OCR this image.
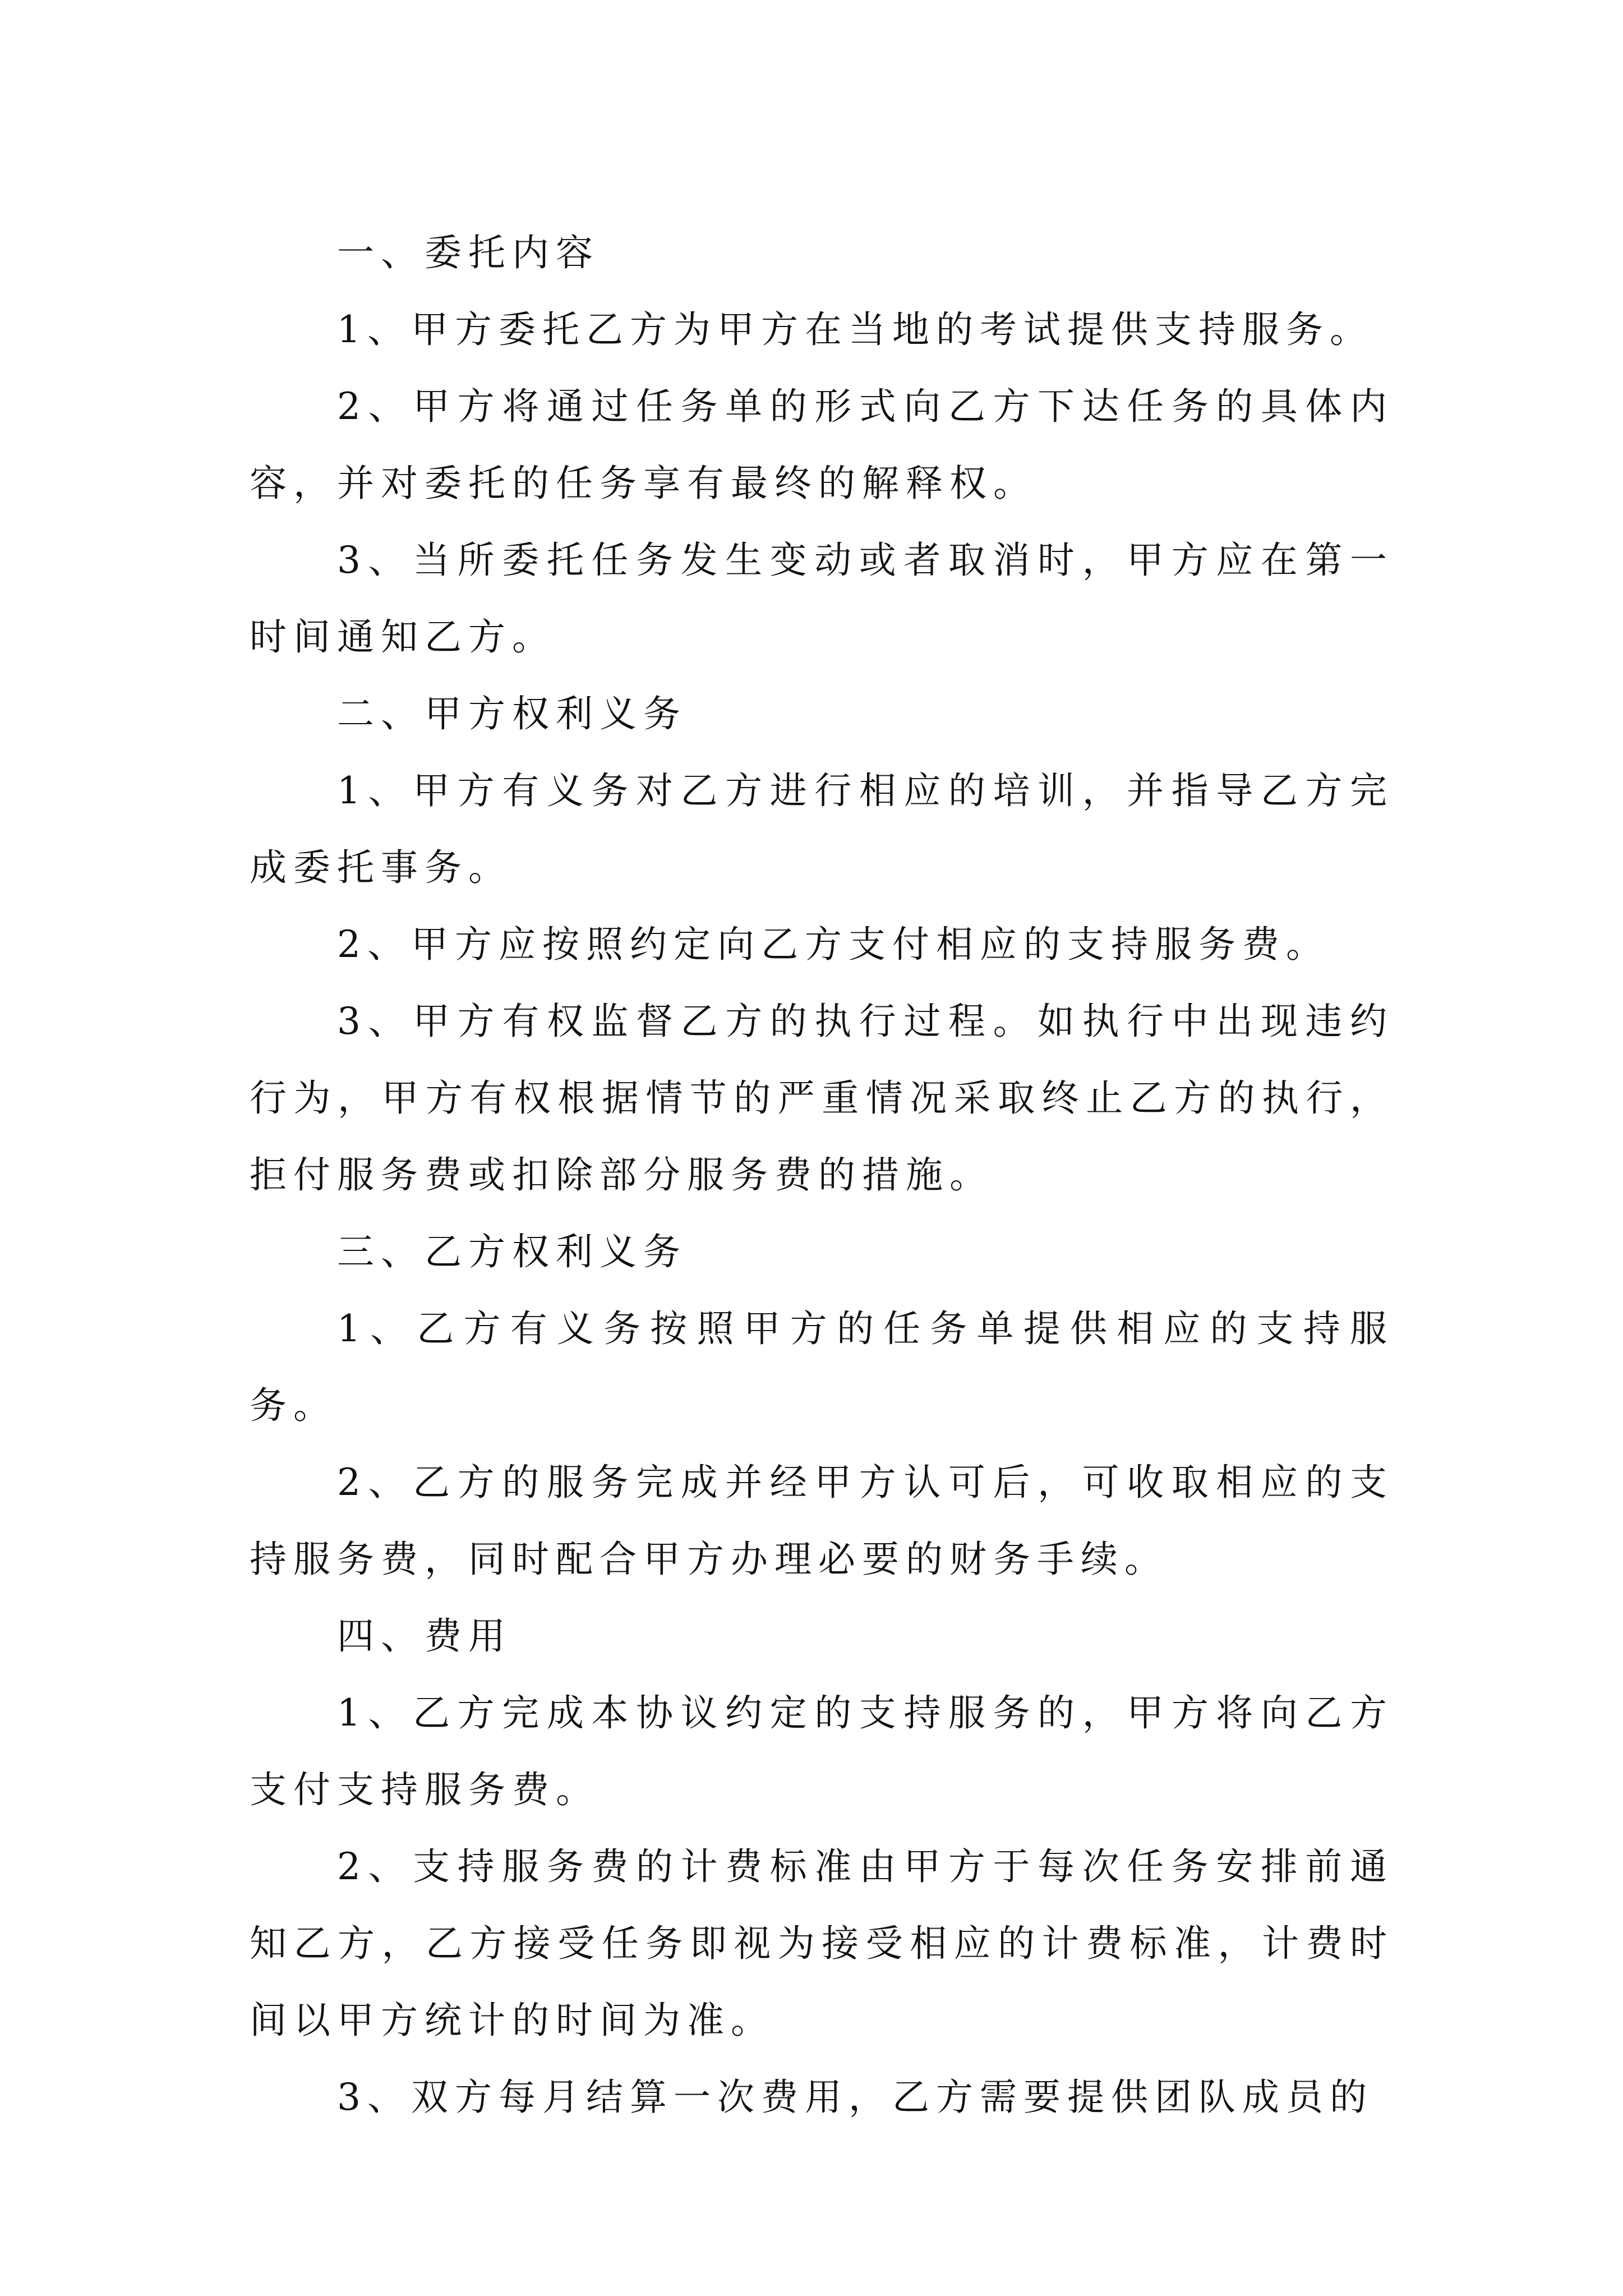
一、委托内容

1、甲方委托乙方为甲方在当地的考试提供支持服务。

2、甲方将通过任务单的形式向乙方下达任务的具体内容，并对委托的任务享有最终的解释权。

3、当所委托任务发生变动或者取消时，甲方应在第一时间通知乙方。

二、甲方权利义务

1、甲方有义务对乙方进行相应的培训，并指导乙方完成委托事务。

2、甲方应按照约定向乙方支付相应的支持服务费。

3、甲方有权监督乙方的执行过程。如执行中出现违约行为，甲方有权根据情节的严重情况采取终止乙方的执行，拒付服务费或扣除部分服务费的措施。

三、乙方权利义务

1、乙方有义务按照甲方的任务单提供相应的支持服务。

2、乙方的服务完成并经甲方认可后，可收取相应的支持服务费，同时配合甲方办理必要的财务手续。

四、费用

1、乙方完成本协议约定的支持服务的，甲方将向乙方支付支持服务费。

2、支持服务费的计费标准由甲方于每次任务安排前通知乙方，乙方接受任务即视为接受相应的计费标准，计费时间以甲方统计的时间为准。

3、双方每月结算一次费用，乙方需要提供团队成员的
